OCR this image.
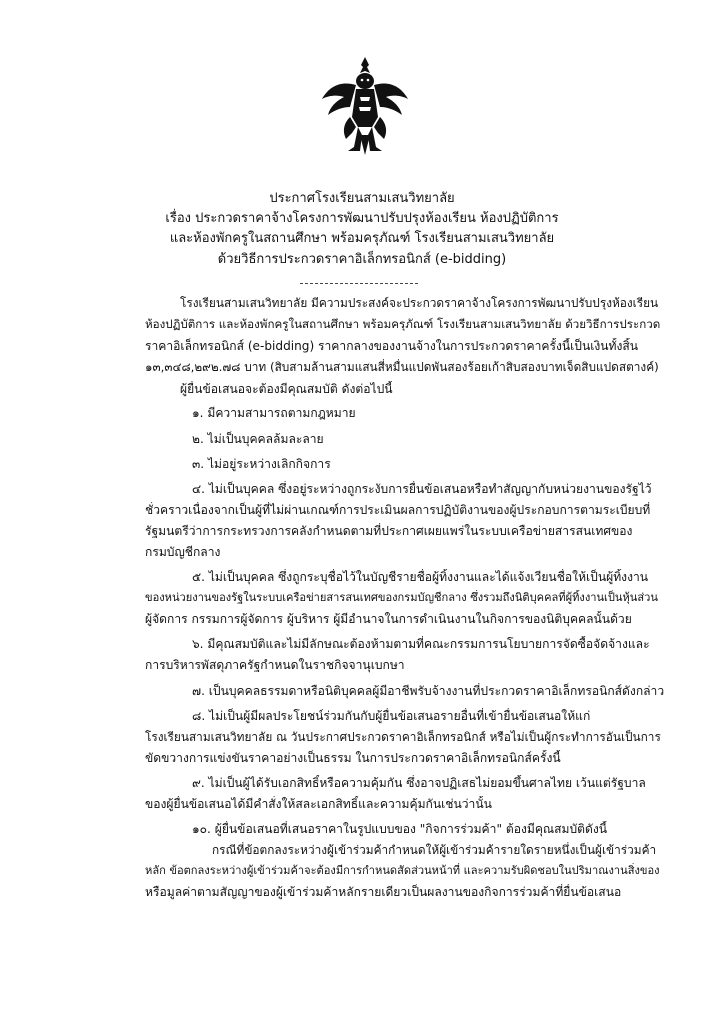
ประกาศโรงเรียนสามเสนวิทยาลัย
เรื่อง ประกวดราคาจ้างโครงการพัฒนาปรับปรุงห้องเรียน ห้องปฏิบัติการ
และห้องพักครูในสถานศึกษา พร้อมครุภัณฑ์ โรงเรียนสามเสนวิทยาลัย
ด้วยวิธีการประกวดราคาอิเล็กทรอนิกส์ (e-bidding)
โรงเรียนสามเสนวิทยาลัย มีความประสงค์จะประกวดราคาจ้างโครงการพัฒนาปรับปรุงห้องเรียน
ห้องปฏิบัติการ และห้องพักครูในสถานศึกษา พร้อมครุภัณฑ์ โรงเรียนสามเสนวิทยาลัย ด้วยวิธีการประกวด
ราคาอิเล็กทรอนิกส์ (e-bidding) ราคากลางของงานจ้างในการประกวดราคาครั้งนี้เป็นเงินทั้งสิ้น
๑๓,๓๔๘,๒๙๒.๗๘ บาท (สิบสามล้านสามแสนสี่หมื่นแปดพันสองร้อยเก้าสิบสองบาทเจ็ดสิบแปดสตางค์)
ผู้ยื่นข้อเสนอจะต้องมีคุณสมบัติ ดังต่อไปนี้
๑. มีความสามารถตามกฎหมาย
๒. ไม่เป็นบุคคลล้มละลาย
๓. ไม่อยู่ระหว่างเลิกกิจการ
๔. ไม่เป็นบุคคล ซึ่งอยู่ระหว่างถูกระงับการยื่นข้อเสนอหรือทำสัญญากับหน่วยงานของรัฐไว้
ชั่วคราวเนื่องจากเป็นผู้ที่ไม่ผ่านเกณฑ์การประเมินผลการปฏิบัติงานของผู้ประกอบการตามระเบียบที่
รัฐมนตรีว่าการกระทรวงการคลังกำหนดตามที่ประกาศเผยแพร่ในระบบเครือข่ายสารสนเทศของ
กรมบัญชีกลาง
๕. ไม่เป็นบุคคล ซึ่งถูกระบุชื่อไว้ในบัญชีรายชื่อผู้ทิ้งงานและได้แจ้งเวียนชื่อให้เป็นผู้ทิ้งงาน
ของหน่วยงานของรัฐในระบบเครือข่ายสารสนเทศของกรมบัญชีกลาง ซึ่งรวมถึงนิติบุคคลที่ผู้ทิ้งงานเป็นหุ้นส่วน
ผู้จัดการ กรรมการผู้จัดการ ผู้บริหาร ผู้มีอำนาจในการดำเนินงานในกิจการของนิติบุคคลนั้นด้วย
๖. มีคุณสมบัติและไม่มีลักษณะต้องห้ามตามที่คณะกรรมการนโยบายการจัดซื้อจัดจ้างและ
การบริหารพัสดุภาครัฐกำหนดในราชกิจจานุเบกษา
๗. เป็นบุคคลธรรมดาหรือนิติบุคคลผู้มีอาชีพรับจ้างงานที่ประกวดราคาอิเล็กทรอนิกส์ดังกล่าว
๘. ไม่เป็นผู้มีผลประโยชน์ร่วมกันกับผู้ยื่นข้อเสนอรายอื่นที่เข้ายื่นข้อเสนอให้แก่
โรงเรียนสามเสนวิทยาลัย ณ วันประกาศประกวดราคาอิเล็กทรอนิกส์ หรือไม่เป็นผู้กระทำการอันเป็นการ
ขัดขวางการแข่งขันราคาอย่างเป็นธรรม ในการประกวดราคาอิเล็กทรอนิกส์ครั้งนี้
๙. ไม่เป็นผู้ได้รับเอกสิทธิ์หรือความคุ้มกัน ซึ่งอาจปฏิเสธไม่ยอมขึ้นศาลไทย เว้นแต่รัฐบาล
ของผู้ยื่นข้อเสนอได้มีคำสั่งให้สละเอกสิทธิ์และความคุ้มกันเช่นว่านั้น
๑๐. ผู้ยื่นข้อเสนอที่เสนอราคาในรูปแบบของ "กิจการร่วมค้า" ต้องมีคุณสมบัติดังนี้
กรณีที่ข้อตกลงระหว่างผู้เข้าร่วมค้ากำหนดให้ผู้เข้าร่วมค้ารายใดรายหนึ่งเป็นผู้เข้าร่วมค้า
หลัก ข้อตกลงระหว่างผู้เข้าร่วมค้าจะต้องมีการกำหนดสัดส่วนหน้าที่ และความรับผิดชอบในปริมาณงานสิ่งของ
หรือมูลค่าตามสัญญาของผู้เข้าร่วมค้าหลักรายเดียวเป็นผลงานของกิจการร่วมค้าที่ยื่นข้อเสนอ
